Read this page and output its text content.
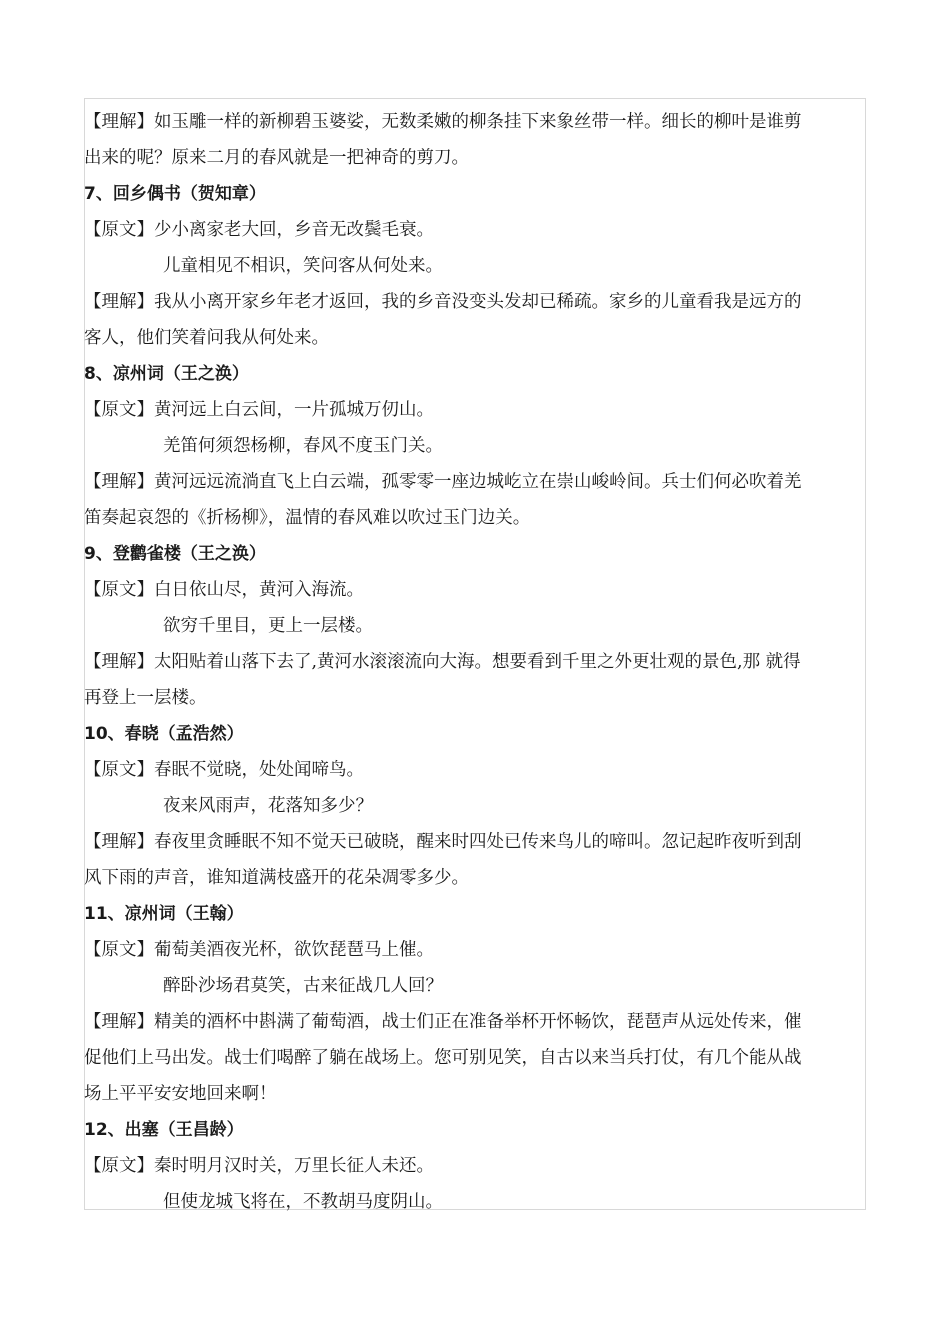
【理解】如玉雕一样的新柳碧玉婆娑，无数柔嫩的柳条挂下来象丝带一样。细长的柳叶是谁剪
出来的呢？原来二月的春风就是一把神奇的剪刀。
7、回乡偶书（贺知章）
【原文】少小离家老大回，乡音无改鬓毛衰。
儿童相见不相识，笑问客从何处来。
【理解】我从小离开家乡年老才返回，我的乡音没变头发却已稀疏。家乡的儿童看我是远方的
客人，他们笑着问我从何处来。
8、凉州词（王之涣）
【原文】黄河远上白云间，一片孤城万仞山。
羌笛何须怨杨柳，春风不度玉门关。
【理解】黄河远远流淌直飞上白云端，孤零零一座边城屹立在崇山峻岭间。兵士们何必吹着羌
笛奏起哀怨的《折杨柳》，温情的春风难以吹过玉门边关。
9、登鹳雀楼（王之涣）
【原文】白日依山尽，黄河入海流。
欲穷千里目，更上一层楼。
【理解】太阳贴着山落下去了,黄河水滚滚流向大海。想要看到千里之外更壮观的景色,那 就得
再登上一层楼。
10、春晓（孟浩然）
【原文】春眠不觉晓，处处闻啼鸟。
夜来风雨声，花落知多少？
【理解】春夜里贪睡眠不知不觉天已破晓，醒来时四处已传来鸟儿的啼叫。忽记起昨夜听到刮
风下雨的声音，谁知道满枝盛开的花朵凋零多少。
11、凉州词（王翰）
【原文】葡萄美酒夜光杯，欲饮琵琶马上催。
醉卧沙场君莫笑，古来征战几人回？
【理解】精美的酒杯中斟满了葡萄酒，战士们正在准备举杯开怀畅饮，琵琶声从远处传来，催
促他们上马出发。战士们喝醉了躺在战场上。您可别见笑，自古以来当兵打仗，有几个能从战
场上平平安安地回来啊！
12、出塞（王昌龄）
【原文】秦时明月汉时关，万里长征人未还。
但使龙城飞将在，不教胡马度阴山。
